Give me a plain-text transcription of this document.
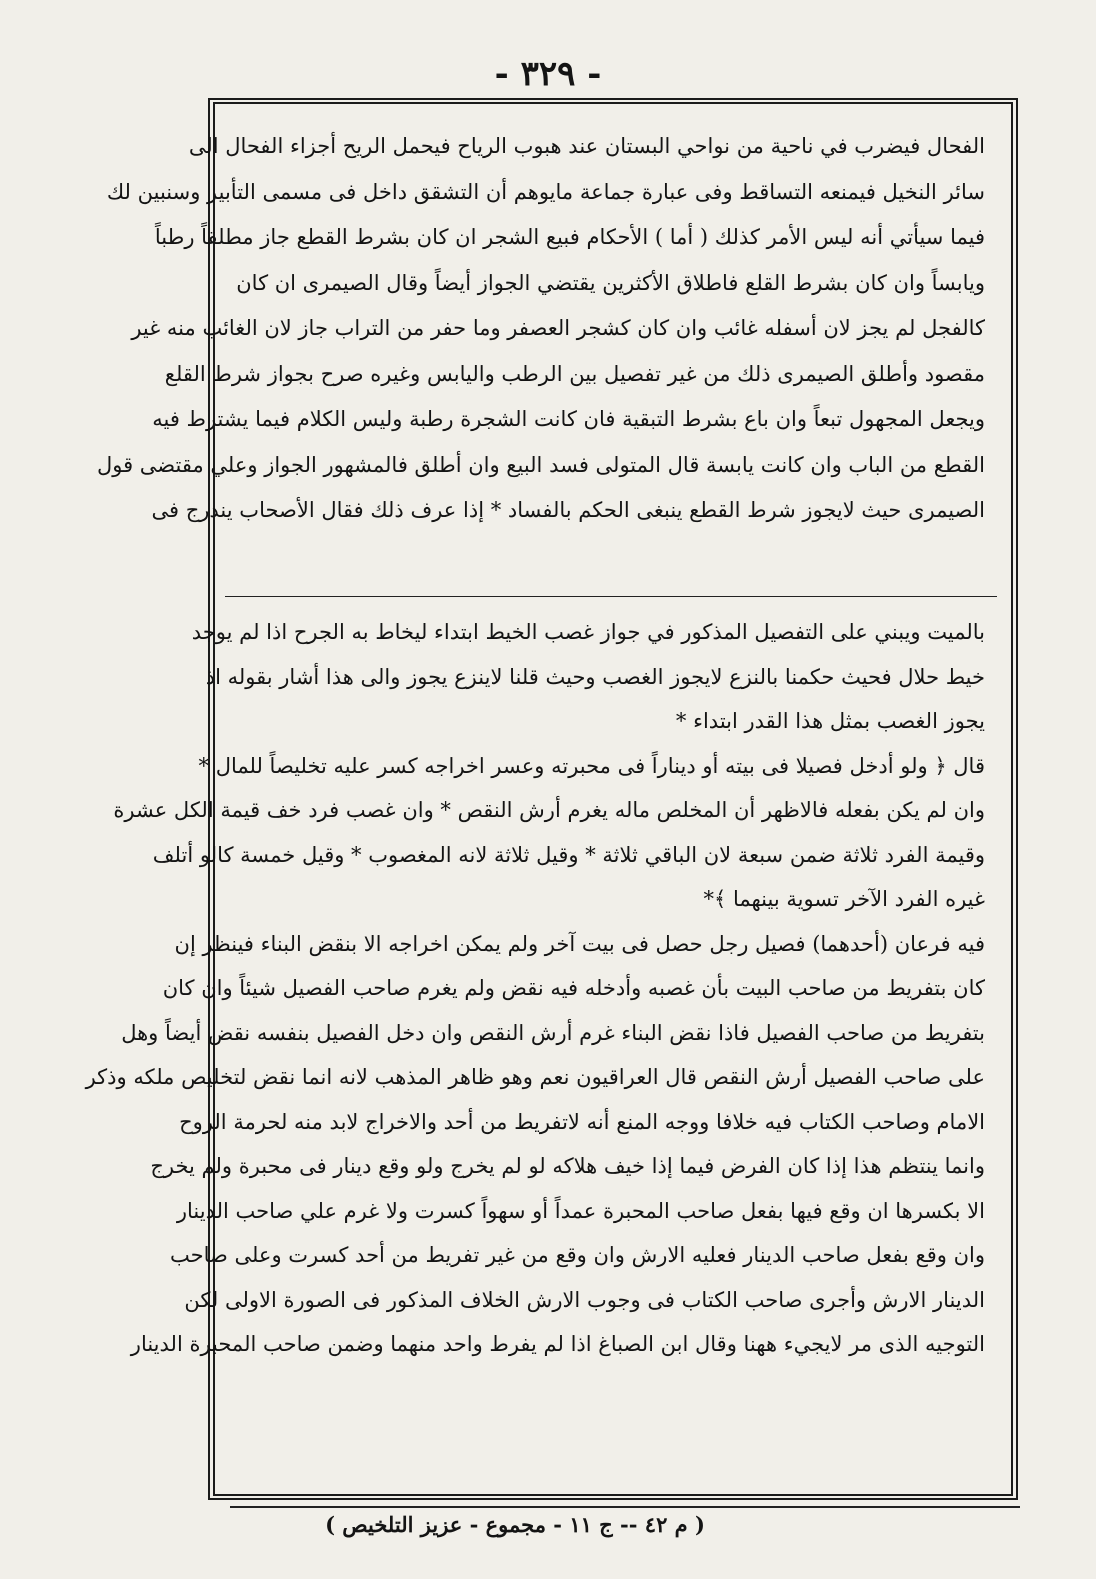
- ٣٢٩ -
الفحال فيضرب في ناحية من نواحي البستان عند هبوب الرياح فيحمل الريح أجزاء الفحال الى
سائر النخيل فيمنعه التساقط وفى عبارة جماعة مايوهم أن التشقق داخل فى مسمى التأبير وسنبين لك
فيما سيأتي أنه ليس الأمر كذلك ( أما ) الأحكام فبيع الشجر ان كان بشرط القطع جاز مطلقاً رطباً
ويابساً وان كان بشرط القلع فاطلاق الأكثرين يقتضي الجواز أيضاً وقال الصيمرى ان كان
كالفجل لم يجز لان أسفله غائب وان كان كشجر العصفر وما حفر من التراب جاز لان الغائب منه غير
مقصود وأطلق الصيمرى ذلك من غير تفصيل بين الرطب واليابس وغيره صرح بجواز شرط القلع
ويجعل المجهول تبعاً وان باع بشرط التبقية فان كانت الشجرة رطبة وليس الكلام فيما يشترط فيه
القطع من الباب وان كانت يابسة قال المتولى فسد البيع وان أطلق فالمشهور الجواز وعلي مقتضى قول
الصيمرى حيث لايجوز شرط القطع ينبغى الحكم بالفساد * إذا عرف ذلك فقال الأصحاب يندرج فى
بالميت ويبني على التفصيل المذكور في جواز غصب الخيط ابتداء ليخاط به الجرح اذا لم يوجد
خيط حلال فحيث حكمنا بالنزع لايجوز الغصب وحيث قلنا لاينزع يجوز والى هذا أشار بقوله اذ
يجوز الغصب بمثل هذا القدر ابتداء *
قال ﴿ ولو أدخل فصيلا فى بيته أو ديناراً فى محبرته وعسر اخراجه كسر عليه تخليصاً للمال *
وان لم يكن بفعله فالاظهر أن المخلص ماله يغرم أرش النقص * وان غصب فرد خف قيمة الكل عشرة
وقيمة الفرد ثلاثة ضمن سبعة لان الباقي ثلاثة * وقيل ثلاثة لانه المغصوب * وقيل خمسة كالو أتلف
غيره الفرد الآخر تسوية بينهما ﴾*
فيه فرعان (أحدهما) فصيل رجل حصل فى بيت آخر ولم يمكن اخراجه الا بنقض البناء فينظر إن
كان بتفريط من صاحب البيت بأن غصبه وأدخله فيه نقض ولم يغرم صاحب الفصيل شيئاً وان كان
بتفريط من صاحب الفصيل فاذا نقض البناء غرم أرش النقص وان دخل الفصيل بنفسه نقض أيضاً وهل
على صاحب الفصيل أرش النقص قال العراقيون نعم وهو ظاهر المذهب لانه انما نقض لتخليص ملكه وذكر
الامام وصاحب الكتاب فيه خلافا ووجه المنع أنه لاتفريط من أحد والاخراج لابد منه لحرمة الروح
وانما ينتظم هذا إذا كان الفرض فيما إذا خيف هلاكه لو لم يخرج ولو وقع دينار فى محبرة ولم يخرج
الا بكسرها ان وقع فيها بفعل صاحب المحبرة عمداً أو سهواً كسرت ولا غرم علي صاحب الدينار
وان وقع بفعل صاحب الدينار فعليه الارش وان وقع من غير تفريط من أحد كسرت وعلى صاحب
الدينار الارش وأجرى صاحب الكتاب فى وجوب الارش الخلاف المذكور فى الصورة الاولى لكن
التوجيه الذى مر لايجيء ههنا وقال ابن الصباغ اذا لم يفرط واحد منهما وضمن صاحب المحبرة الدينار
( م ٤٢ -- ج ١١ - مجموع - عزيز التلخيص )
